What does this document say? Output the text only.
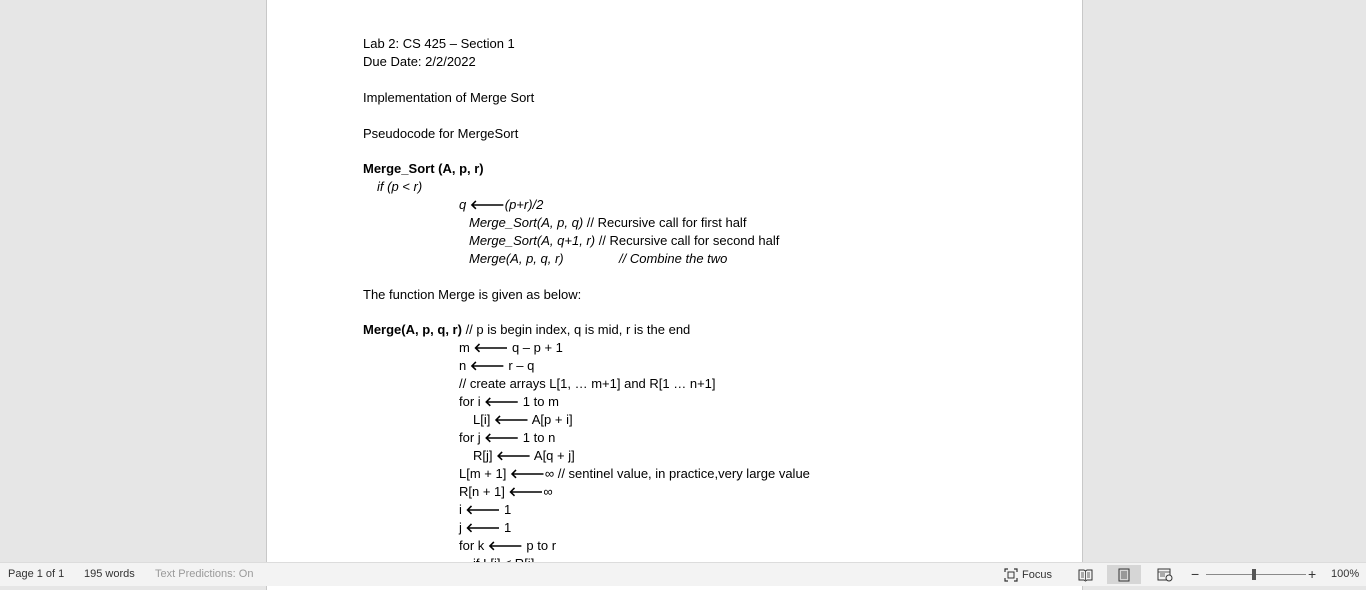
Lab 2: CS 425 – Section 1
Due Date: 2/2/2022
Implementation of Merge Sort
Pseudocode for MergeSort
Merge_Sort (A, p, r)
if (p < r)
q 🡐(p+r)/2
Merge_Sort(A, p, q) // Recursive call for first half
Merge_Sort(A, q+1, r) // Recursive call for second half
Merge(A, p, q, r)	// Combine the two
The function Merge is given as below:
Merge(A, p, q, r) // p is begin index, q is mid, r is the end
m 🡐 q – p + 1
n 🡐 r – q
// create arrays L[1, … m+1] and R[1 … n+1]
for i 🡐 1 to m
L[i] 🡐 A[p + i]
for j 🡐 1 to n
R[j] 🡐 A[q + j]
L[m + 1] 🡐∞ // sentinel value, in practice,very large value
R[n + 1] 🡐∞
i 🡐 1
j 🡐 1
for k 🡐 p to r
Page 1 of 1 195 words Text Predictions: On	Focus	−	+ 100%
